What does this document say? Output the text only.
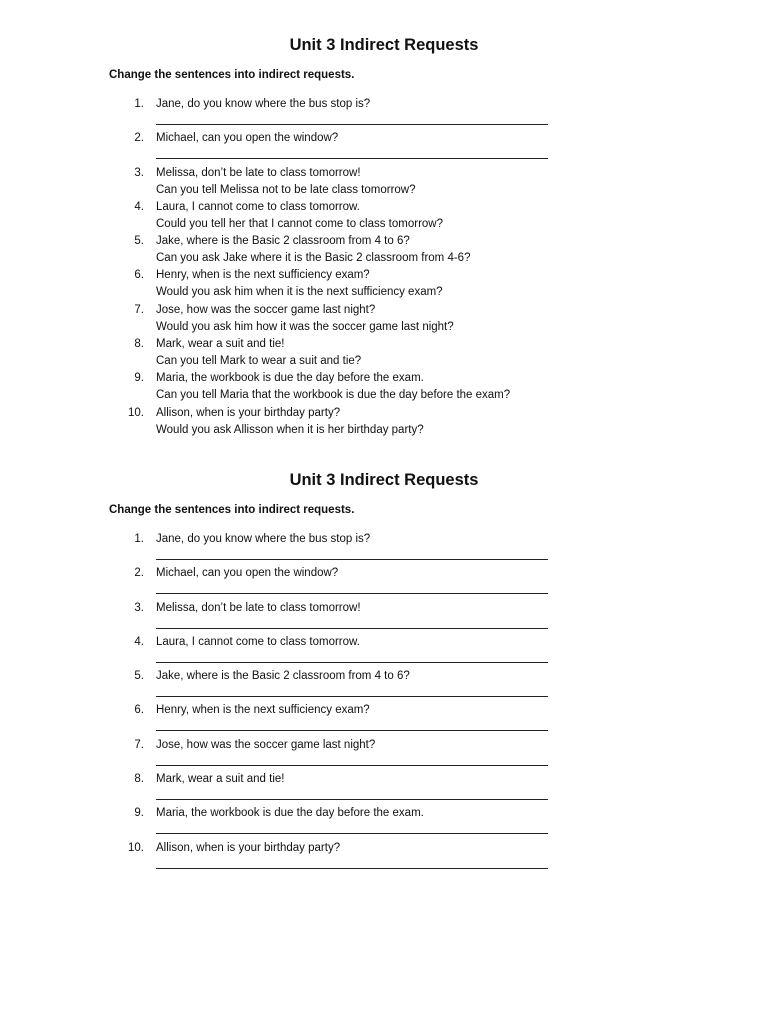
Unit 3 Indirect Requests
Change the sentences into indirect requests.
1. Jane, do you know where the bus stop is?
2. Michael, can you open the window?
3. Melissa, don’t be late to class tomorrow!
Can you tell Melissa not to be late class tomorrow?
4. Laura, I cannot come to class tomorrow.
Could you tell her that I cannot come to class tomorrow?
5. Jake, where is the Basic 2 classroom from 4 to 6?
Can you ask Jake where it is the Basic 2 classroom from 4-6?
6. Henry, when is the next sufficiency exam?
Would you ask him when it is the next sufficiency exam?
7. Jose, how was the soccer game last night?
Would you ask him how it was the soccer game last night?
8. Mark, wear a suit and tie!
Can you tell Mark to wear a suit and tie?
9. Maria, the workbook is due the day before the exam.
Can you tell Maria that the workbook is due the day before the exam?
10. Allison, when is your birthday party?
Would you ask Allisson when it is her birthday party?
Unit 3 Indirect Requests
Change the sentences into indirect requests.
1. Jane, do you know where the bus stop is?
2. Michael, can you open the window?
3. Melissa, don’t be late to class tomorrow!
4. Laura, I cannot come to class tomorrow.
5. Jake, where is the Basic 2 classroom from 4 to 6?
6. Henry, when is the next sufficiency exam?
7. Jose, how was the soccer game last night?
8. Mark, wear a suit and tie!
9. Maria, the workbook is due the day before the exam.
10. Allison, when is your birthday party?
